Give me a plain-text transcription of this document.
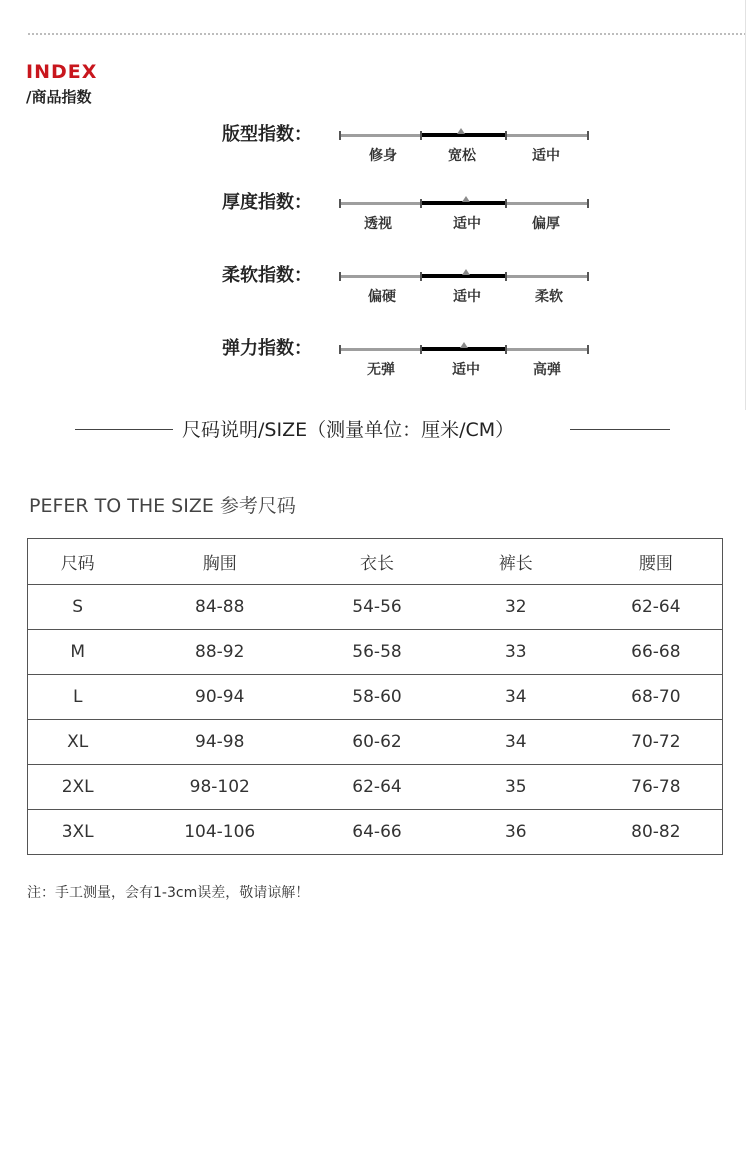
INDEX
/商品指数
版型指数：
修身	宽松	适中
厚度指数：
透视	适中	偏厚
柔软指数：
偏硬	适中	柔软
弹力指数：
无弹	适中	高弹
尺码说明/SIZE（测量单位：厘米/CM）
PEFER TO THE SIZE 参考尺码
尺码	胸围	衣长	裤长	腰围
S	84-88	54-56	32	62-64
M	88-92	56-58	33	66-68
L	90-94	58-60	34	68-70
XL	94-98	60-62	34	70-72
2XL	98-102	62-64	35	76-78
3XL	104-106	64-66	36	80-82
注：手工测量，会有1-3cm误差，敬请谅解！
